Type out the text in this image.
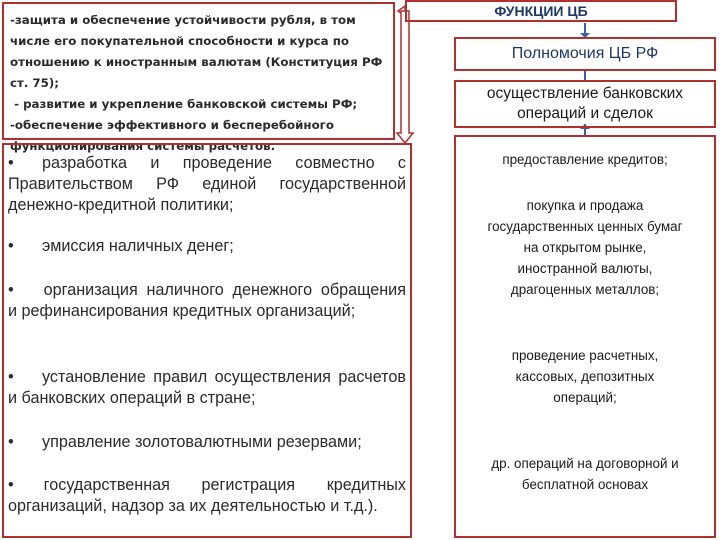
-защита и обеспечение устойчивости рубля, в том
числе его покупательной способности и курса по
отношению к иностранным валютам (Конституция РФ
ст. 75);
- развитие и укрепление банковской системы РФ;
-обеспечение эффективного и бесперебойного
функционирования системы расчетов.
• разработка и проведение совместно с Правительством РФ единой государственной денежно-кредитной политики;
• эмиссия наличных денег;
• организация наличного денежного обращения и рефинансирования кредитных организаций;
• установление правил осуществления расчетов и банковских операций в стране;
• управление золотовалютными резервами;
• государственная регистрация кредитных организаций, надзор за их деятельностью и т.д.).
ФУНКЦИИ ЦБ
Полномочия ЦБ РФ
осуществление банковских
операций и сделок
предоставление кредитов;
покупка и продажа
государственных ценных бумаг
на открытом рынке,
иностранной валюты,
драгоценных металлов;
проведение расчетных,
кассовых, депозитных
операций;
др. операций на договорной и
бесплатной основах
